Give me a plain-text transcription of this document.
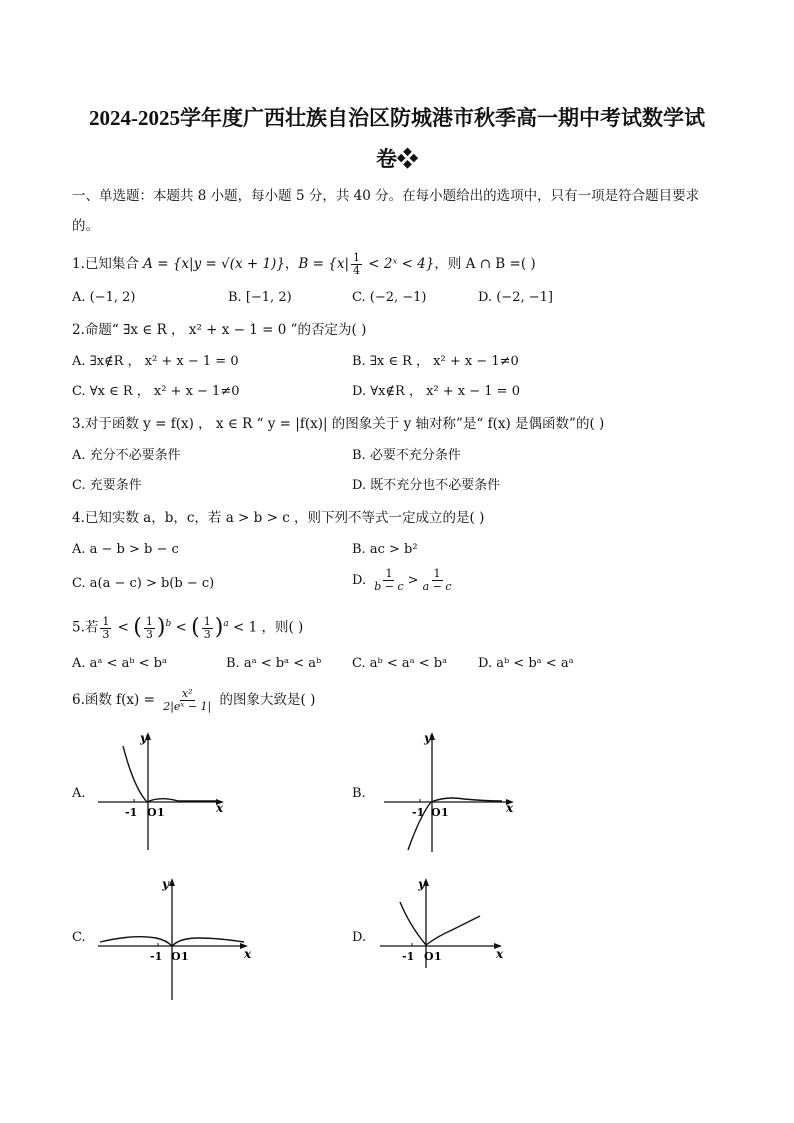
2024-2025学年度广西壮族自治区防城港市秋季高一期中考试数学试
卷❖
一、单选题：本题共 8 小题，每小题 5 分，共 40 分。在每小题给出的选项中，只有一项是符合题目要求
的。
1.已知集合 A = {x|y = √(x + 1)}，$B = \{x| \frac{1}{4}$ < 2ˣ < 4}，则 A ∩ B =( )
A. (−1, 2)	B. [−1, 2)	C. (−2, −1)	D. (−2, −1]
2.命题“ ∃x ∈ R ， x² + x − 1 = 0 ”的否定为( )
A. ∃x∉R ， x² + x − 1 = 0	B. ∃x ∈ R ， x² + x − 1≠0
C. ∀x ∈ R ， x² + x − 1≠0	D. ∀x∉R ， x² + x − 1 = 0
3.对于函数 y = f(x) ， x ∈ R “ y = |f(x)| 的图象关于 y 轴对称”是“ f(x) 是偶函数”的( )
A. 充分不必要条件	B. 必要不充分条件
C. 充要条件	D. 既不充分也不必要条件
4.已知实数 a，b，c，若 a > b > c ，则下列不等式一定成立的是( )
A. a − b > b − c	B. ac > b²
C. a(a − c) > b(b − c)	D. $\frac{1}{b - c} > \frac{1}{a - c}$
5.若 $\frac{1}{3}$ < ( $\frac{1}{3} )^b$ < ( $\frac{1}{3} )^a < 1$ ，则( )
A. aᵃ < aᵇ < bᵃ	B. aᵃ < bᵃ < aᵇ C. aᵇ < aᵃ < bᵃ D. aᵇ < bᵃ < aᵃ
6.函数 $f(x) = \frac{\text{x²}}{\text{2|eˣ − 1|}}$ 的图象大致是( )
A.
x
y
-1 O 1
B.
x
y
-1 O 1
C.
x
y
-1 O 1
D.
x
y
-1 O 1
